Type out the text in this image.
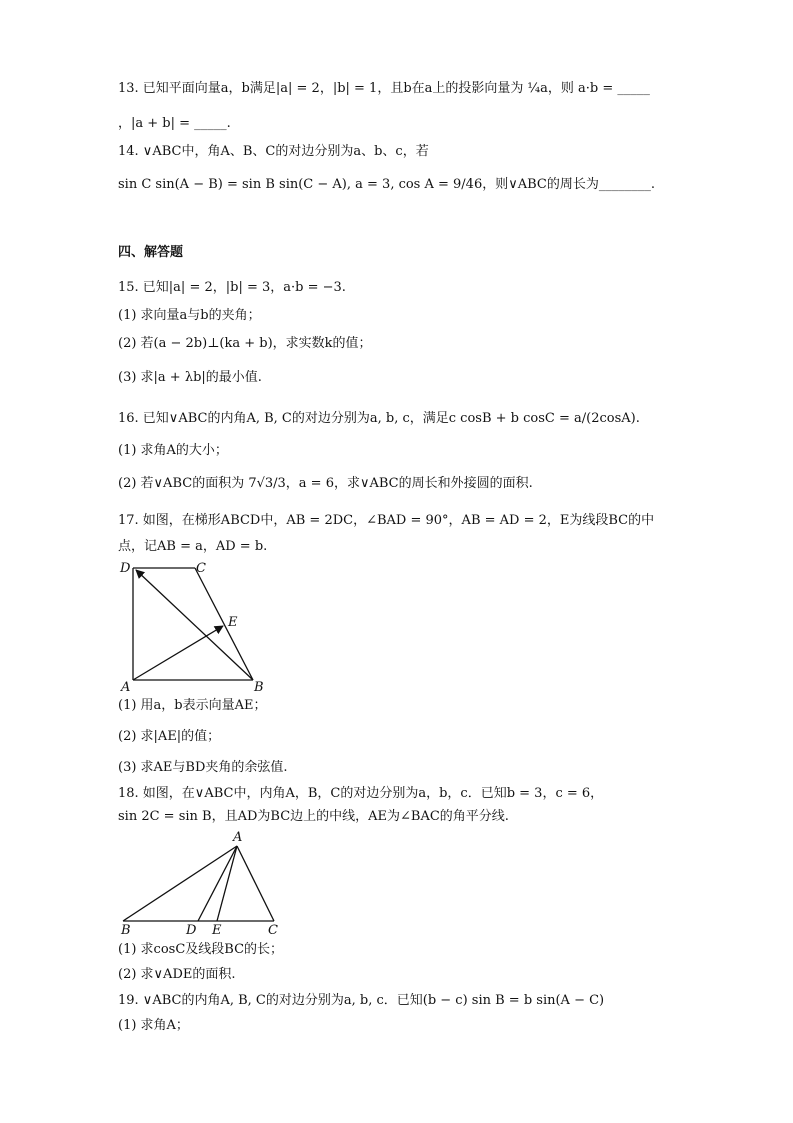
13. 已知平面向量a，b满足|a| = 2，|b| = 1，且b在a上的投影向量为 ¼a，则 a·b = _____
，|a + b| = _____.
14. ∨ABC中，角A、B、C的对边分别为a、b、c，若
sin C sin(A − B) = sin B sin(C − A), a = 3, cos A = 9/46，则∨ABC的周长为________.
四、解答题
15. 已知|a| = 2，|b| = 3，a·b = −3.
(1) 求向量a与b的夹角；
(2) 若(a − 2b)⊥(ka + b)，求实数k的值；
(3) 求|a + λb|的最小值.
16. 已知∨ABC的内角A, B, C的对边分别为a, b, c，满足c cosB + b cosC = a/(2cosA).
(1) 求角A的大小；
(2) 若∨ABC的面积为 7√3/3，a = 6，求∨ABC的周长和外接圆的面积.
17. 如图，在梯形ABCD中，AB = 2DC，∠BAD = 90°，AB = AD = 2，E为线段BC的中
点，记AB = a，AD = b.
D	C
E
A	B
(1) 用a，b表示向量AE；
(2) 求|AE|的值；
(3) 求AE与BD夹角的余弦值.
18. 如图，在∨ABC中，内角A，B，C的对边分别为a，b，c．已知b = 3，c = 6，
sin 2C = sin B，且AD为BC边上的中线，AE为∠BAC的角平分线.
A
B	D E	C
(1) 求cosC及线段BC的长；
(2) 求∨ADE的面积.
19. ∨ABC的内角A, B, C的对边分别为a, b, c．已知(b − c) sin B = b sin(A − C)
(1) 求角A；
